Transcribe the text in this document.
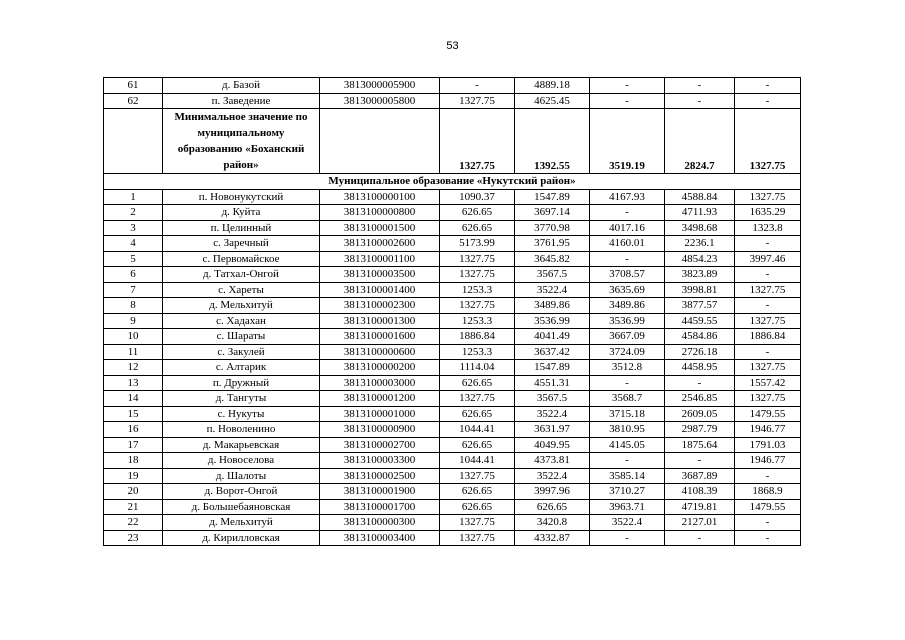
53
61	д. Базой	3813000005900	-	4889.18	-	-	-
62	п. Заведение	3813000005800	1327.75	4625.45	-	-	-
	Минимальное значение по муниципальному образованию «Боханский район»		1327.75	1392.55	3519.19	2824.7	1327.75
Муниципальное образование «Нукутский район»							
1	п. Новонукутский	3813100000100	1090.37	1547.89	4167.93	4588.84	1327.75
2	д. Куйта	3813100000800	626.65	3697.14	-	4711.93	1635.29
3	п. Целинный	3813100001500	626.65	3770.98	4017.16	3498.68	1323.8
4	с. Заречный	3813100002600	5173.99	3761.95	4160.01	2236.1	-
5	с. Первомайское	3813100001100	1327.75	3645.82	-	4854.23	3997.46
6	д. Татхал-Онгой	3813100003500	1327.75	3567.5	3708.57	3823.89	-
7	с. Хареты	3813100001400	1253.3	3522.4	3635.69	3998.81	1327.75
8	д. Мельхитуй	3813100002300	1327.75	3489.86	3489.86	3877.57	-
9	с. Хадахан	3813100001300	1253.3	3536.99	3536.99	4459.55	1327.75
10	с. Шараты	3813100001600	1886.84	4041.49	3667.09	4584.86	1886.84
11	с. Закулей	3813100000600	1253.3	3637.42	3724.09	2726.18	-
12	с. Алтарик	3813100000200	1114.04	1547.89	3512.8	4458.95	1327.75
13	п. Дружный	3813100003000	626.65	4551.31	-	-	1557.42
14	д. Тангуты	3813100001200	1327.75	3567.5	3568.7	2546.85	1327.75
15	с. Нукуты	3813100001000	626.65	3522.4	3715.18	2609.05	1479.55
16	п. Новоленино	3813100000900	1044.41	3631.97	3810.95	2987.79	1946.77
17	д. Макарьевская	3813100002700	626.65	4049.95	4145.05	1875.64	1791.03
18	д. Новоселова	3813100003300	1044.41	4373.81	-	-	1946.77
19	д. Шалоты	3813100002500	1327.75	3522.4	3585.14	3687.89	-
20	д. Ворот-Онгой	3813100001900	626.65	3997.96	3710.27	4108.39	1868.9
21	д. Большебаяновская	3813100001700	626.65	626.65	3963.71	4719.81	1479.55
22	д. Мельхитуй	3813100000300	1327.75	3420.8	3522.4	2127.01	-
23	д. Кирилловская	3813100003400	1327.75	4332.87	-	-	-
